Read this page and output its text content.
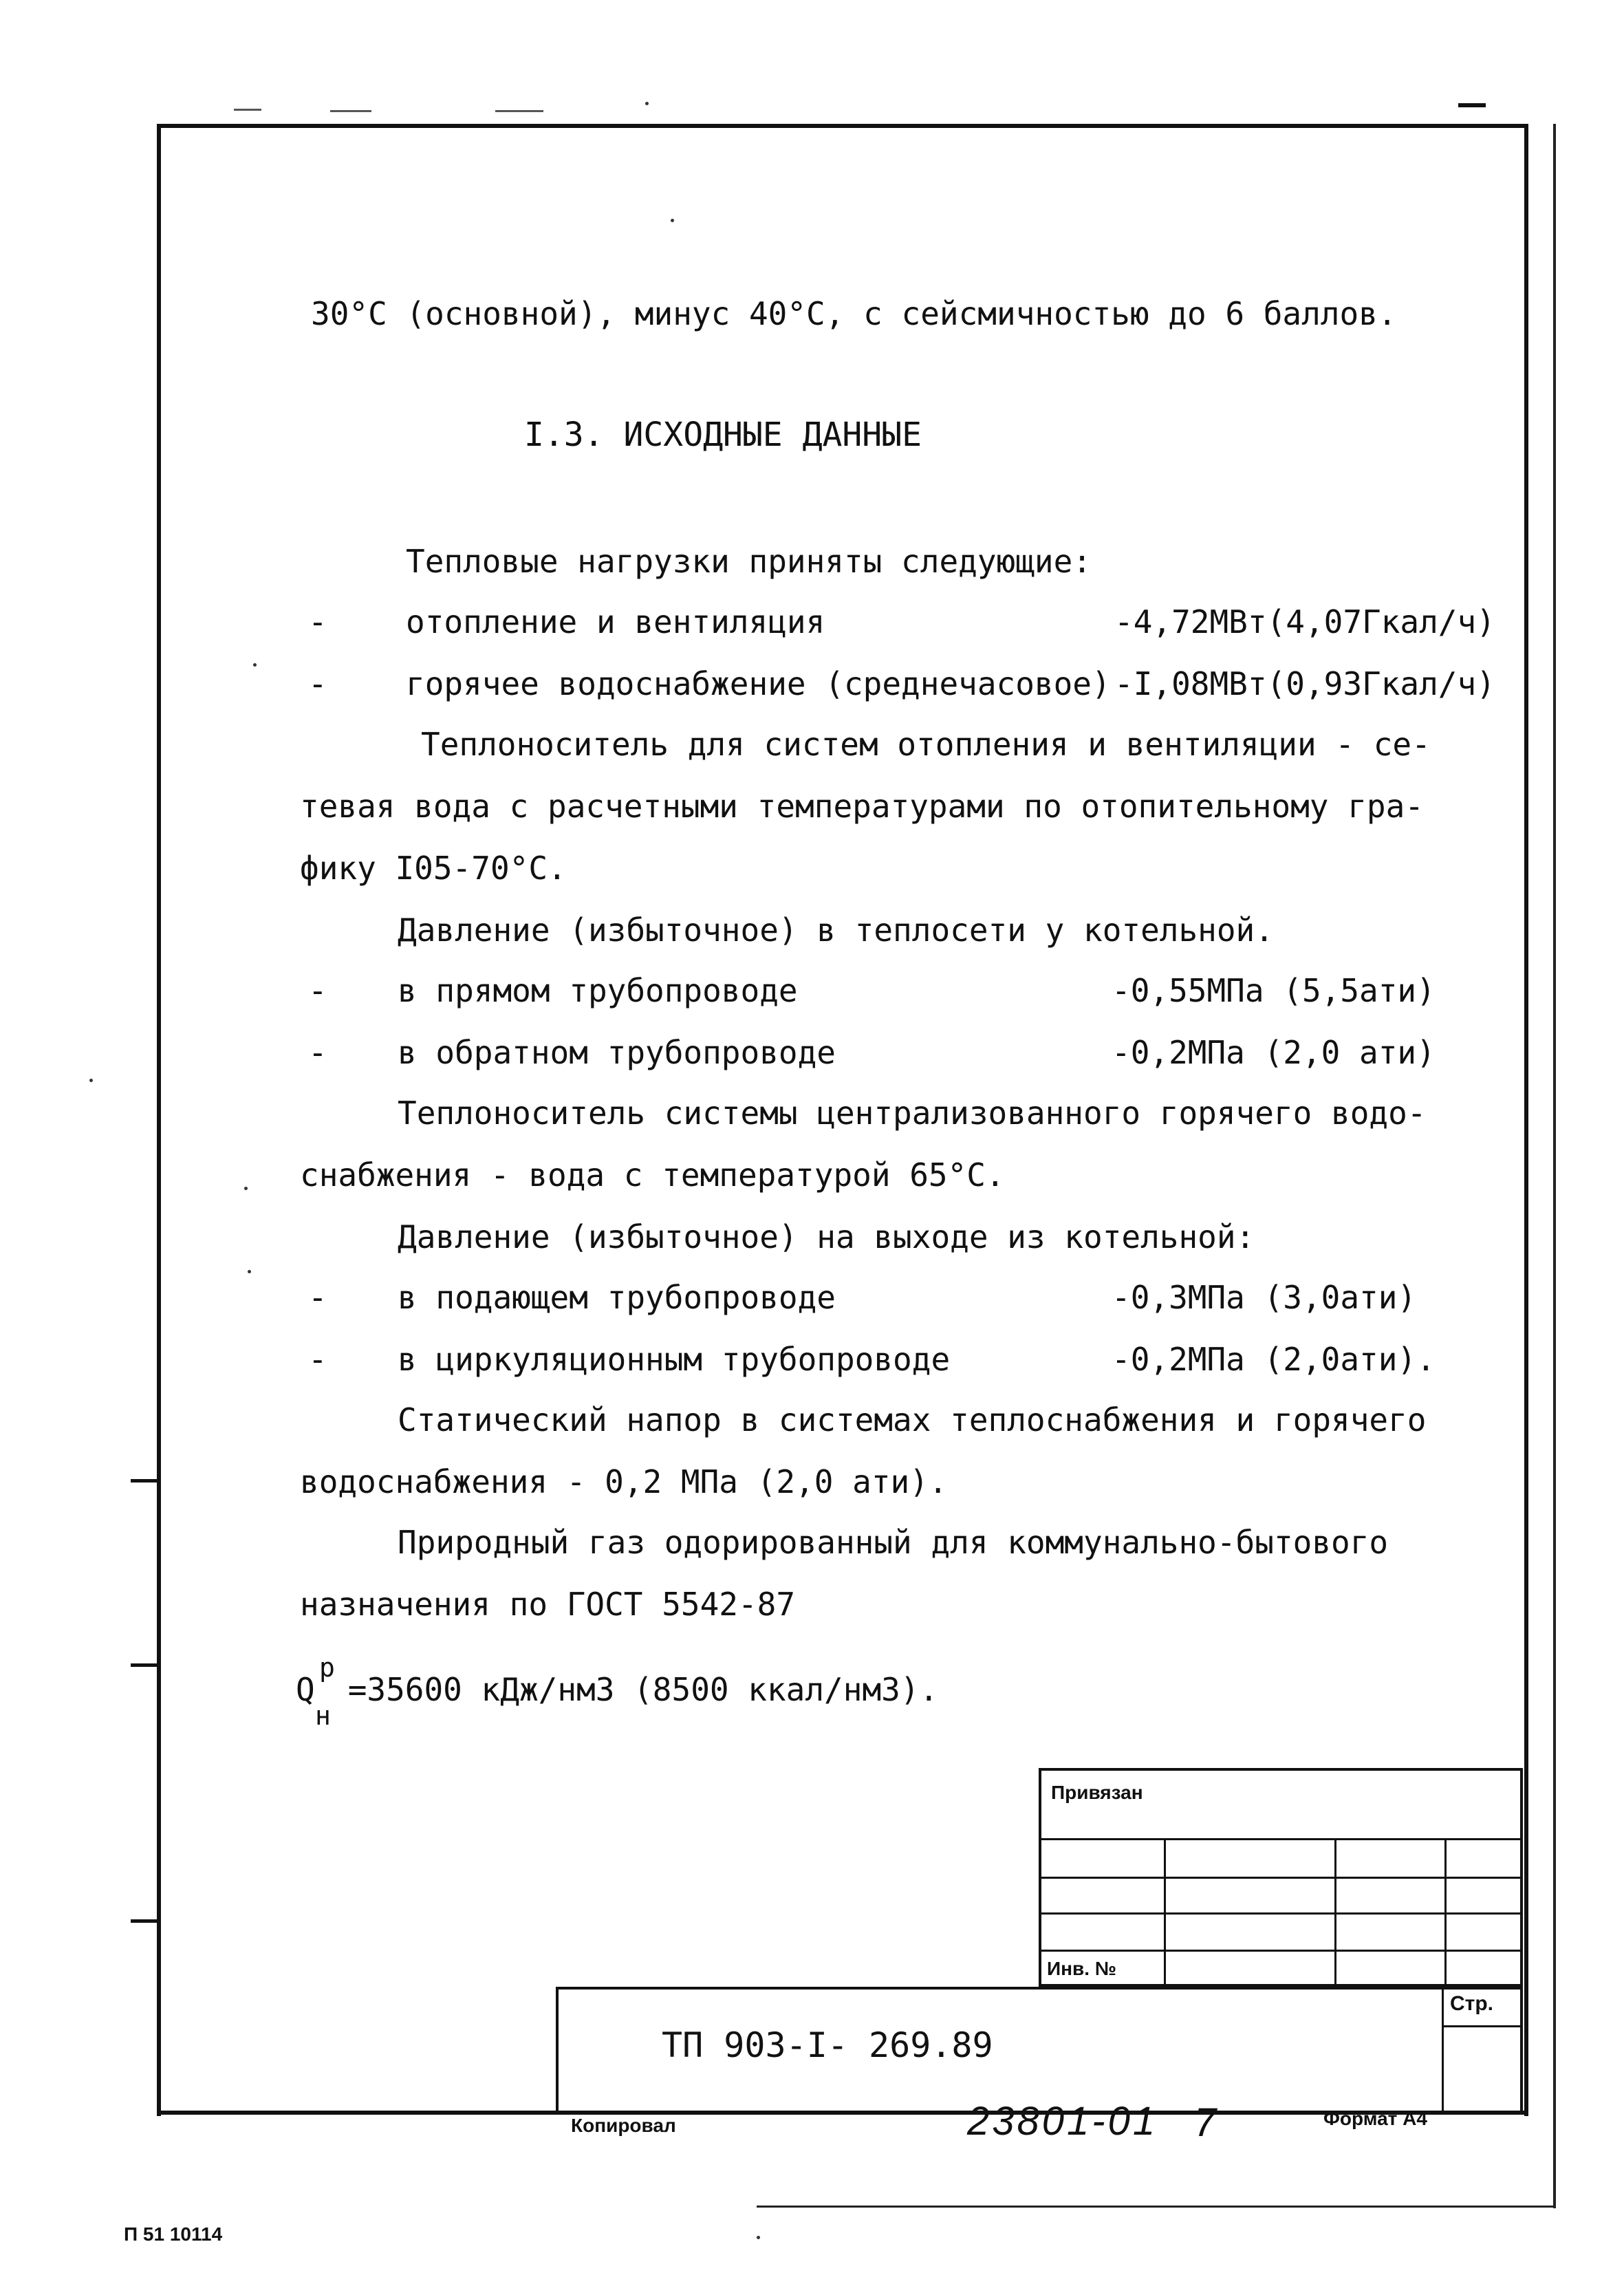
30°C (основной), минус 40°С, с сейсмичностью до 6 баллов.
I.3. ИСХОДНЫЕ ДАННЫЕ
Тепловые нагрузки приняты следующие:
- отопление и вентиляция	-4,72МВт(4,07Гкал/ч)
- горячее водоснабжение (среднечасовое) -I,08МВт(0,93Гкал/ч)
Теплоноситель для систем отопления и вентиляции - се-
тевая вода с расчетными температурами по отопительному гра-
фику I05-70°С.
Давление (избыточное) в теплосети у котельной.
- в прямом трубопроводе	-0,55МПа (5,5ати)
- в обратном трубопроводе	-0,2МПа (2,0 ати)
Теплоноситель системы централизованного горячего водо-
снабжения - вода с температурой 65°С.
Давление (избыточное) на выходе из котельной:
- в подающем трубопроводе	-0,3МПа (3,0ати)
- в циркуляционным трубопроводе	-0,2МПа (2,0ати).
Статический напор в системах теплоснабжения и горячего
водоснабжения - 0,2 МПа (2,0 ати).
Природный газ одорированный для коммунально-бытового
назначения по ГОСТ 5542-87
Q
р
н
=35600 кДж/нм3 (8500 ккал/нм3).
Привязан
Инв. №
Стр.
ТП 903-I- 269.89
Копировал	23801-01 7	Формат А4
П 51 10114
